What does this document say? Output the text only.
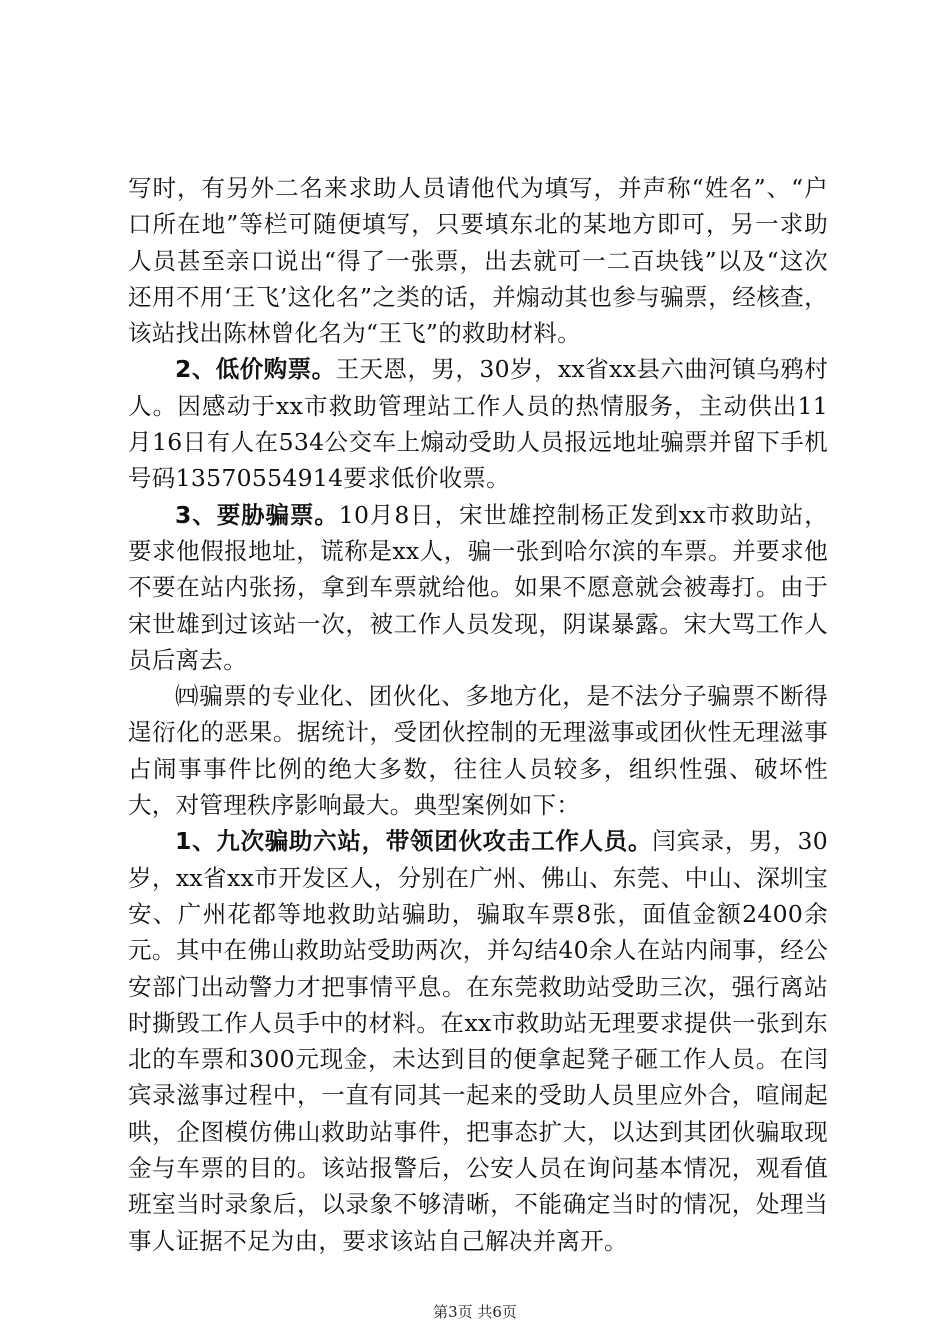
写时，有另外二名来求助人员请他代为填写，并声称“姓名”、“户口所在地”等栏可随便填写，只要填东北的某地方即可，另一求助人员甚至亲口说出“得了一张票，出去就可一二百块钱”以及“这次还用不用‘王飞’这化名”之类的话，并煽动其也参与骗票，经核查，该站找出陈林曾化名为“王飞”的救助材料。

2、低价购票。王天恩，男，30岁，xx省xx县六曲河镇乌鸦村人。因感动于xx市救助管理站工作人员的热情服务，主动供出11月16日有人在534公交车上煽动受助人员报远地址骗票并留下手机号码13570554914要求低价收票。

3、要胁骗票。10月8日，宋世雄控制杨正发到xx市救助站，要求他假报地址，谎称是xx人，骗一张到哈尔滨的车票。并要求他不要在站内张扬，拿到车票就给他。如果不愿意就会被毒打。由于宋世雄到过该站一次，被工作人员发现，阴谋暴露。宋大骂工作人员后离去。

㈣骗票的专业化、团伙化、多地方化，是不法分子骗票不断得逞衍化的恶果。据统计，受团伙控制的无理滋事或团伙性无理滋事占闹事事件比例的绝大多数，往往人员较多，组织性强、破坏性大，对管理秩序影响最大。典型案例如下：

1、九次骗助六站，带领团伙攻击工作人员。闫宾录，男，30岁，xx省xx市开发区人，分别在广州、佛山、东莞、中山、深圳宝安、广州花都等地救助站骗助，骗取车票8张，面值金额2400余元。其中在佛山救助站受助两次，并勾结40余人在站内闹事，经公安部门出动警力才把事情平息。在东莞救助站受助三次，强行离站时撕毁工作人员手中的材料。在xx市救助站无理要求提供一张到东北的车票和300元现金，未达到目的便拿起凳子砸工作人员。在闫宾录滋事过程中，一直有同其一起来的受助人员里应外合，喧闹起哄，企图模仿佛山救助站事件，把事态扩大，以达到其团伙骗取现金与车票的目的。该站报警后，公安人员在询问基本情况，观看值班室当时录象后，以录象不够清晰，不能确定当时的情况，处理当事人证据不足为由，要求该站自己解决并离开。

第3页 共6页
